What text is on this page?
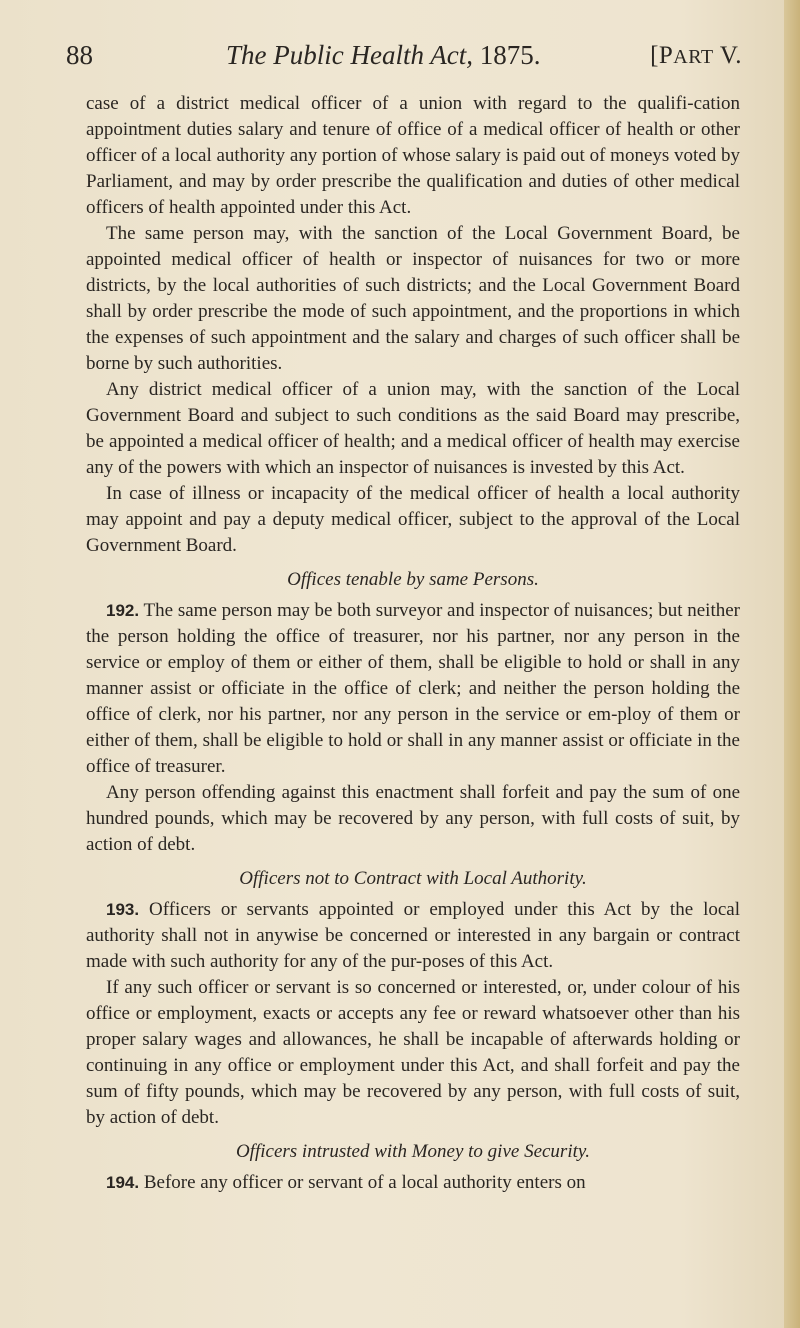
88	The Public Health Act, 1875.	[PART V.

case of a district medical officer of a union with regard to the qualifi-cation appointment duties salary and tenure of office of a medical officer of health or other officer of a local authority any portion of whose salary is paid out of moneys voted by Parliament, and may by order prescribe the qualification and duties of other medical officers of health appointed under this Act.

The same person may, with the sanction of the Local Government Board, be appointed medical officer of health or inspector of nuisances for two or more districts, by the local authorities of such districts; and the Local Government Board shall by order prescribe the mode of such appointment, and the proportions in which the expenses of such appointment and the salary and charges of such officer shall be borne by such authorities.

Any district medical officer of a union may, with the sanction of the Local Government Board and subject to such conditions as the said Board may prescribe, be appointed a medical officer of health; and a medical officer of health may exercise any of the powers with which an inspector of nuisances is invested by this Act.

In case of illness or incapacity of the medical officer of health a local authority may appoint and pay a deputy medical officer, subject to the approval of the Local Government Board.

Offices tenable by same Persons.

192. The same person may be both surveyor and inspector of nuisances; but neither the person holding the office of treasurer, nor his partner, nor any person in the service or employ of them or either of them, shall be eligible to hold or shall in any manner assist or officiate in the office of clerk; and neither the person holding the office of clerk, nor his partner, nor any person in the service or em-ploy of them or either of them, shall be eligible to hold or shall in any manner assist or officiate in the office of treasurer.

Any person offending against this enactment shall forfeit and pay the sum of one hundred pounds, which may be recovered by any person, with full costs of suit, by action of debt.

Officers not to Contract with Local Authority.

193. Officers or servants appointed or employed under this Act by the local authority shall not in anywise be concerned or interested in any bargain or contract made with such authority for any of the pur-poses of this Act.

If any such officer or servant is so concerned or interested, or, under colour of his office or employment, exacts or accepts any fee or reward whatsoever other than his proper salary wages and allowances, he shall be incapable of afterwards holding or continuing in any office or employment under this Act, and shall forfeit and pay the sum of fifty pounds, which may be recovered by any person, with full costs of suit, by action of debt.

Officers intrusted with Money to give Security.

194. Before any officer or servant of a local authority enters on
